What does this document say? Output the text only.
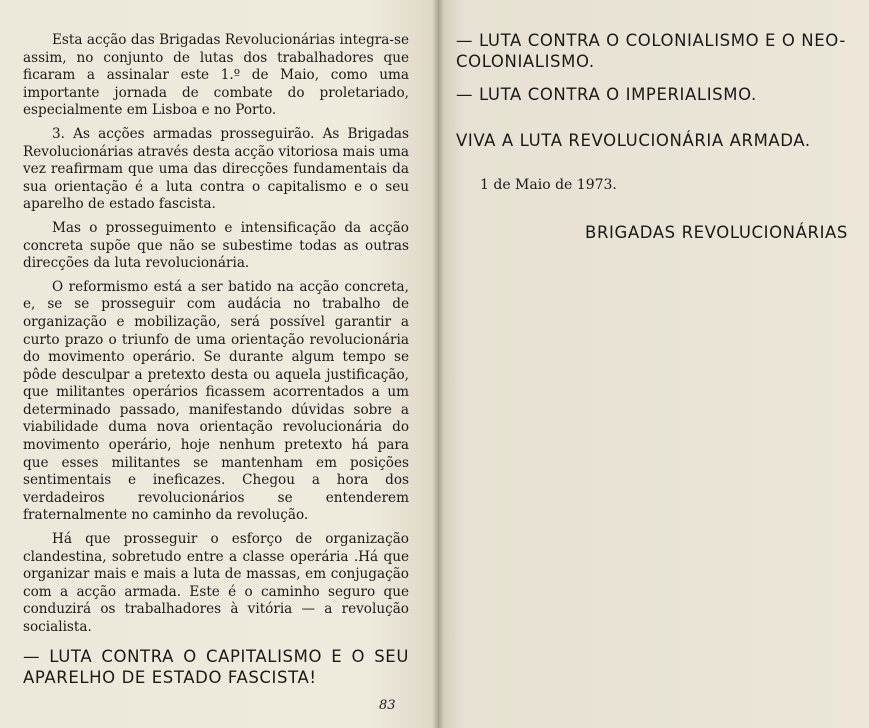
Esta acção das Brigadas Revolucionárias integra-se assim, no conjunto de lutas dos trabalhadores que ficaram a assinalar este 1.º de Maio, como uma importante jornada de combate do proletariado, especialmente em Lisboa e no Porto.

3. As acções armadas prosseguirão. As Brigadas Revolucionárias através desta acção vitoriosa mais uma vez reafirmam que uma das direcções fundamentais da sua orientação é a luta contra o capitalismo e o seu aparelho de estado fascista.

Mas o prosseguimento e intensificação da acção concreta supõe que não se subestime todas as outras direcções da luta revolucionária.

O reformismo está a ser batido na acção concreta, e, se se prosseguir com audácia no trabalho de organização e mobilização, será possível garantir a curto prazo o triunfo de uma orientação revolucionária do movimento operário. Se durante algum tempo se pôde desculpar a pretexto desta ou aquela justificação, que militantes operários ficassem acorrentados a um determinado passado, manifestando dúvidas sobre a viabilidade duma nova orientação revolucionária do movimento operário, hoje nenhum pretexto há para que esses militantes se mantenham em posições sentimentais e ineficazes. Chegou a hora dos verdadeiros revolucionários se entenderem fraternalmente no caminho da revolução.

Há que prosseguir o esforço de organização clandestina, sobretudo entre a classe operária .Há que organizar mais e mais a luta de massas, em conjugação com a acção armada. Este é o caminho seguro que conduzirá os trabalhadores à vitória — a revolução socialista.

— LUTA CONTRA O CAPITALISMO E O SEU APARELHO DE ESTADO FASCISTA!
83

— LUTA CONTRA O COLONIALISMO E O NEO-COLONIALISMO.

— LUTA CONTRA O IMPERIALISMO.

VIVA A LUTA REVOLUCIONÁRIA ARMADA.

1 de Maio de 1973.

BRIGADAS REVOLUCIONÁRIAS
